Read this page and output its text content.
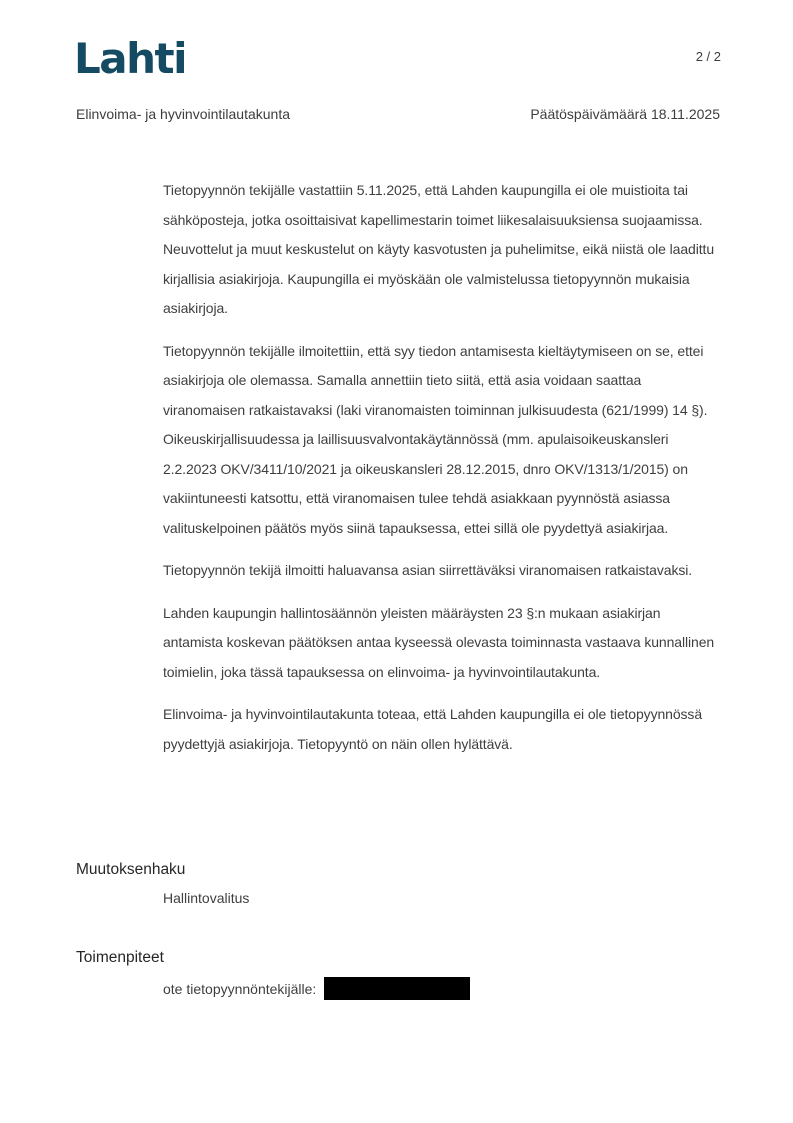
Lahti	2 / 2
Elinvoima- ja hyvinvointilautakunta	Päätöspäivämäärä 18.11.2025

Tietopyynnön tekijälle vastattiin 5.11.2025, että Lahden kaupungilla ei ole muistioita tai sähköposteja, jotka osoittaisivat kapellimestarin toimet liikesalaisuuksiensa suojaamissa. Neuvottelut ja muut keskustelut on käyty kasvotusten ja puhelimitse, eikä niistä ole laadittu kirjallisia asiakirjoja. Kaupungilla ei myöskään ole valmistelussa tietopyynnön mukaisia asiakirjoja.

Tietopyynnön tekijälle ilmoitettiin, että syy tiedon antamisesta kieltäytymiseen on se, ettei asiakirjoja ole olemassa. Samalla annettiin tieto siitä, että asia voidaan saattaa viranomaisen ratkaistavaksi (laki viranomaisten toiminnan julkisuudesta (621/1999) 14 §). Oikeuskirjallisuudessa ja laillisuusvalvontakäytännössä (mm. apulaisoikeuskansleri 2.2.2023 OKV/3411/10/2021 ja oikeuskansleri 28.12.2015, dnro OKV/1313/1/2015) on vakiintuneesti katsottu, että viranomaisen tulee tehdä asiakkaan pyynnöstä asiassa valituskelpoinen päätös myös siinä tapauksessa, ettei sillä ole pyydettyä asiakirjaa.

Tietopyynnön tekijä ilmoitti haluavansa asian siirrettäväksi viranomaisen ratkaistavaksi.

Lahden kaupungin hallintosäännön yleisten määräysten 23 §:n mukaan asiakirjan antamista koskevan päätöksen antaa kyseessä olevasta toiminnasta vastaava kunnallinen toimielin, joka tässä tapauksessa on elinvoima- ja hyvinvointilautakunta.

Elinvoima- ja hyvinvointilautakunta toteaa, että Lahden kaupungilla ei ole tietopyynnössä pyydettyjä asiakirjoja. Tietopyyntö on näin ollen hylättävä.

Muutoksenhaku
Hallintovalitus
Toimenpiteet
ote tietopyynnöntekijälle:
